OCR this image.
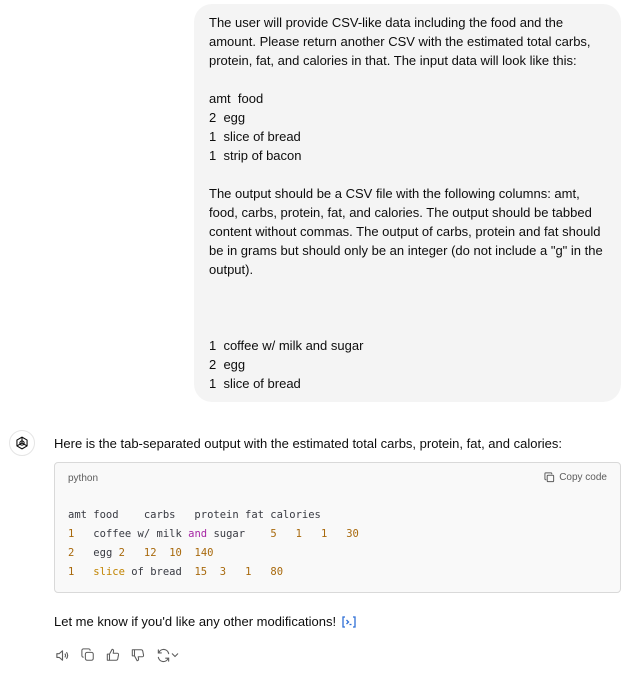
The user will provide CSV-like data including the food and the amount. Please return another CSV with the estimated total carbs, protein, fat, and calories in that. The input data will look like this:

amt  food

2  egg

1  slice of bread

1  strip of bacon

The output should be a CSV file with the following columns: amt, food, carbs, protein, fat, and calories. The output should be tabbed content without commas. The output of carbs, protein and fat should be in grams but should only be an integer (do not include a "g" in the output).

1  coffee w/ milk and sugar

2  egg

1  slice of bread

Here is the tab-separated output with the estimated total carbs, protein, fat, and calories:
python	Copy code
amt food    carbs   protein fat calories
1 coffee w/ milk and sugar 5 1 1 30
2 egg 2 12 10 140
1 slice of bread 15 3 1 80
Let me know if you'd like any other modifications!
